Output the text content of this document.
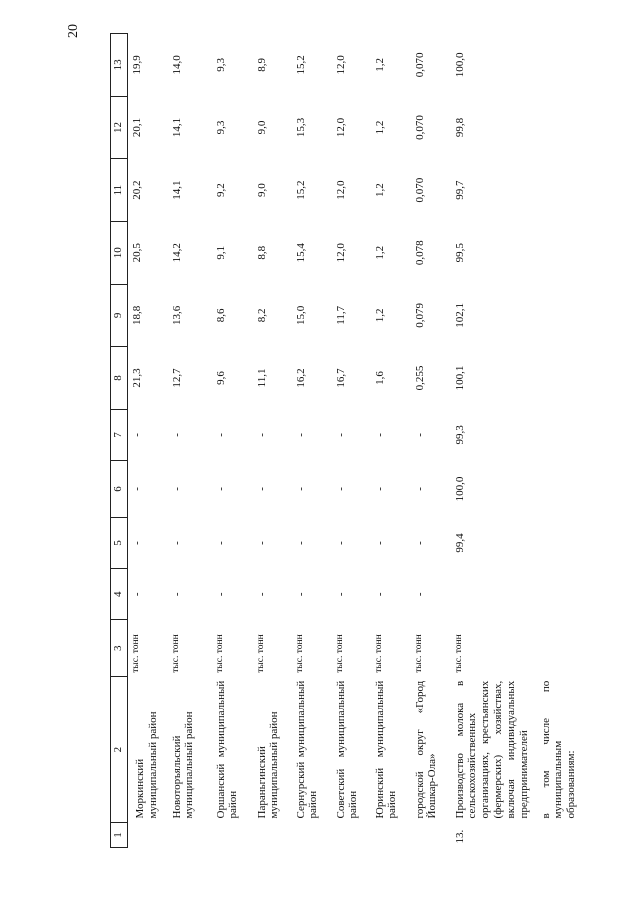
20
1	2	3	4	5	6	7	8	9	10	11	12	13
	Моркинский муниципальный район	тыс. тонн	-	-	-	-	21,3	18,8	20,5	20,2	20,1	19,9
	Новоторъяльский муниципальный район	тыс. тонн	-	-	-	-	12,7	13,6	14,2	14,1	14,1	14,0
	Оршанский муниципальный район	тыс. тонн	-	-	-	-	9,6	8,6	9,1	9,2	9,3	9,3
	Параньгинский муниципальный район	тыс. тонн	-	-	-	-	11,1	8,2	8,8	9,0	9,0	8,9
	Сернурский муниципальный район	тыс. тонн	-	-	-	-	16,2	15,0	15,4	15,2	15,3	15,2
	Советский муниципальный район	тыс. тонн	-	-	-	-	16,7	11,7	12,0	12,0	12,0	12,0
	Юринский муниципальный район	тыс. тонн	-	-	-	-	1,6	1,2	1,2	1,2	1,2	1,2
	городской округ «Город Йошкар-Ола»	тыс. тонн	-	-	-	-	0,255	0,079	0,078	0,070	0,070	0,070
13.	Производство молока в сельскохозяйственных организациях, крестьянских (фермерских) хозяйствах, включая индивидуальных предпринимателей	тыс. тонн		99,4	100,0	99,3	100,1	102,1	99,5	99,7	99,8	100,0
	в том числе по муниципальным образованиям:											
